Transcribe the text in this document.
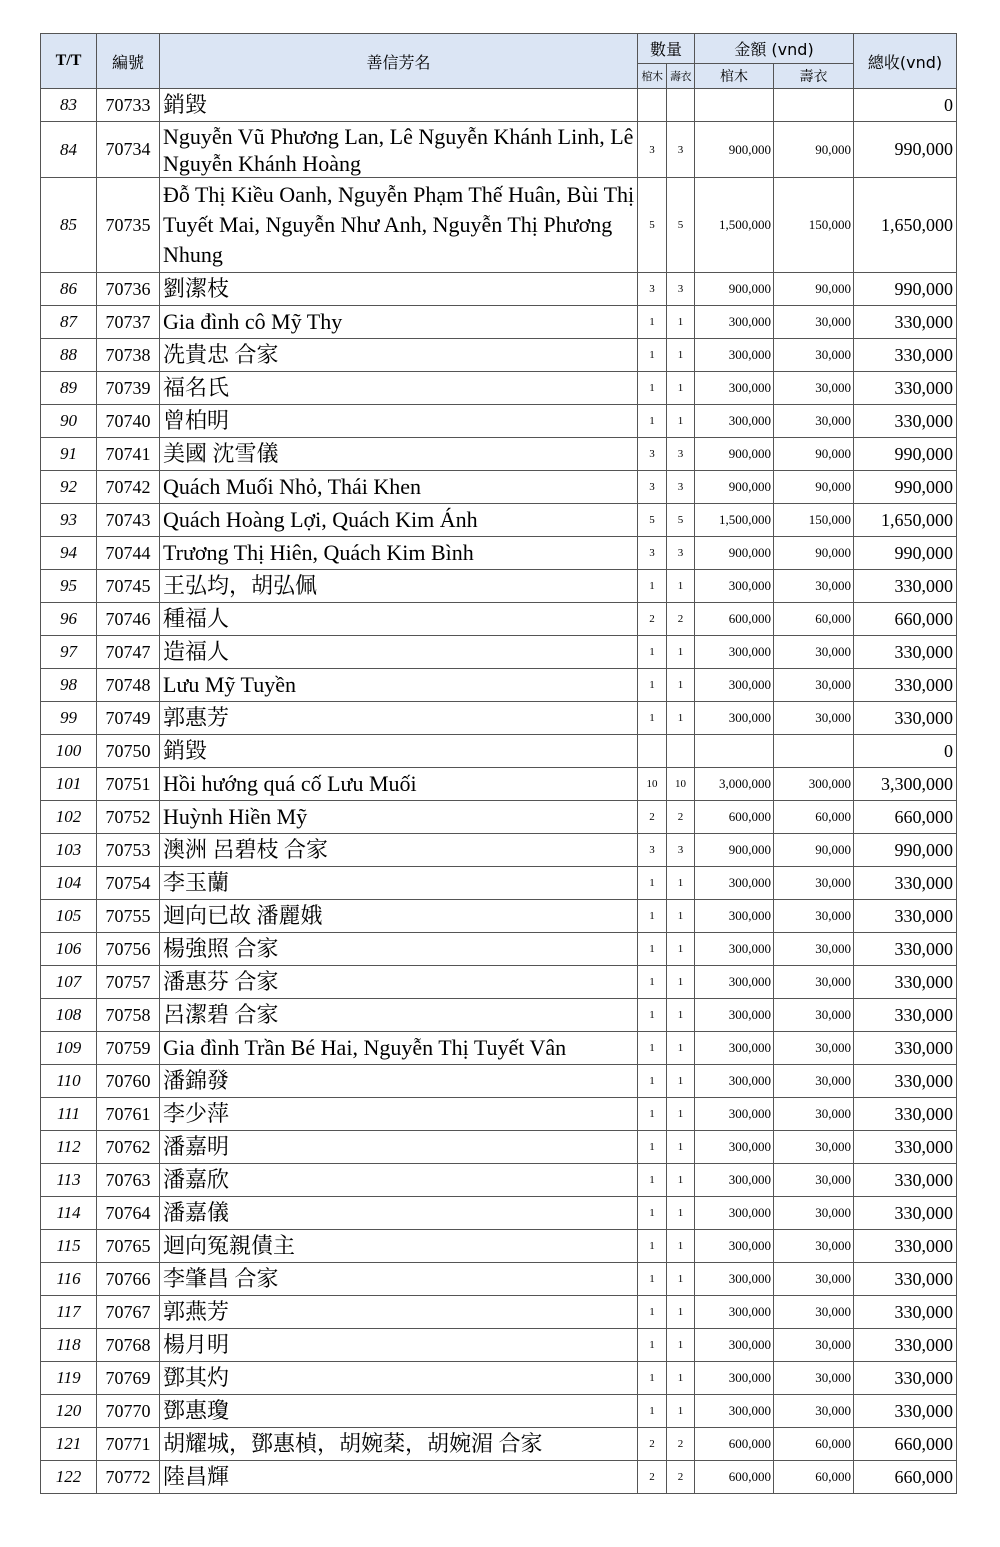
T/T	編號	善信芳名	數量		金額 (vnd)		總收(vnd)
			棺木	壽衣	棺木	壽衣	
83	70733	銷毀					0
84	70734	Nguyễn Vũ Phương Lan, Lê Nguyễn Khánh Linh, Lê Nguyễn Khánh Hoàng	3	3	900,000	90,000	990,000
85	70735	Đỗ Thị Kiều Oanh, Nguyễn Phạm Thế Huân, Bùi Thị Tuyết Mai, Nguyễn Như Anh, Nguyễn Thị Phương Nhung	5	5	1,500,000	150,000	1,650,000
86	70736	劉潔枝	3	3	900,000	90,000	990,000
87	70737	Gia đình cô Mỹ Thy	1	1	300,000	30,000	330,000
88	70738	冼貴忠 合家	1	1	300,000	30,000	330,000
89	70739	福名氏	1	1	300,000	30,000	330,000
90	70740	曾柏明	1	1	300,000	30,000	330,000
91	70741	美國 沈雪儀	3	3	900,000	90,000	990,000
92	70742	Quách Muối Nhỏ, Thái Khen	3	3	900,000	90,000	990,000
93	70743	Quách Hoàng Lợi, Quách Kim Ánh	5	5	1,500,000	150,000	1,650,000
94	70744	Trương Thị Hiên, Quách Kim Bình	3	3	900,000	90,000	990,000
95	70745	王弘均，胡弘佩	1	1	300,000	30,000	330,000
96	70746	種福人	2	2	600,000	60,000	660,000
97	70747	造福人	1	1	300,000	30,000	330,000
98	70748	Lưu Mỹ Tuyền	1	1	300,000	30,000	330,000
99	70749	郭惠芳	1	1	300,000	30,000	330,000
100	70750	銷毀					0
101	70751	Hồi hướng quá cố Lưu Muối	10	10	3,000,000	300,000	3,300,000
102	70752	Huỳnh Hiền Mỹ	2	2	600,000	60,000	660,000
103	70753	澳洲 呂碧枝 合家	3	3	900,000	90,000	990,000
104	70754	李玉蘭	1	1	300,000	30,000	330,000
105	70755	迴向已故 潘麗娥	1	1	300,000	30,000	330,000
106	70756	楊強照 合家	1	1	300,000	30,000	330,000
107	70757	潘惠芬 合家	1	1	300,000	30,000	330,000
108	70758	呂潔碧 合家	1	1	300,000	30,000	330,000
109	70759	Gia đình Trần Bé Hai, Nguyễn Thị Tuyết Vân	1	1	300,000	30,000	330,000
110	70760	潘錦發	1	1	300,000	30,000	330,000
111	70761	李少萍	1	1	300,000	30,000	330,000
112	70762	潘嘉明	1	1	300,000	30,000	330,000
113	70763	潘嘉欣	1	1	300,000	30,000	330,000
114	70764	潘嘉儀	1	1	300,000	30,000	330,000
115	70765	迴向冤親債主	1	1	300,000	30,000	330,000
116	70766	李肇昌 合家	1	1	300,000	30,000	330,000
117	70767	郭燕芳	1	1	300,000	30,000	330,000
118	70768	楊月明	1	1	300,000	30,000	330,000
119	70769	鄧其灼	1	1	300,000	30,000	330,000
120	70770	鄧惠瓊	1	1	300,000	30,000	330,000
121	70771	胡耀城，鄧惠楨，胡婉棻，胡婉湄 合家	2	2	600,000	60,000	660,000
122	70772	陸昌輝	2	2	600,000	60,000	660,000
